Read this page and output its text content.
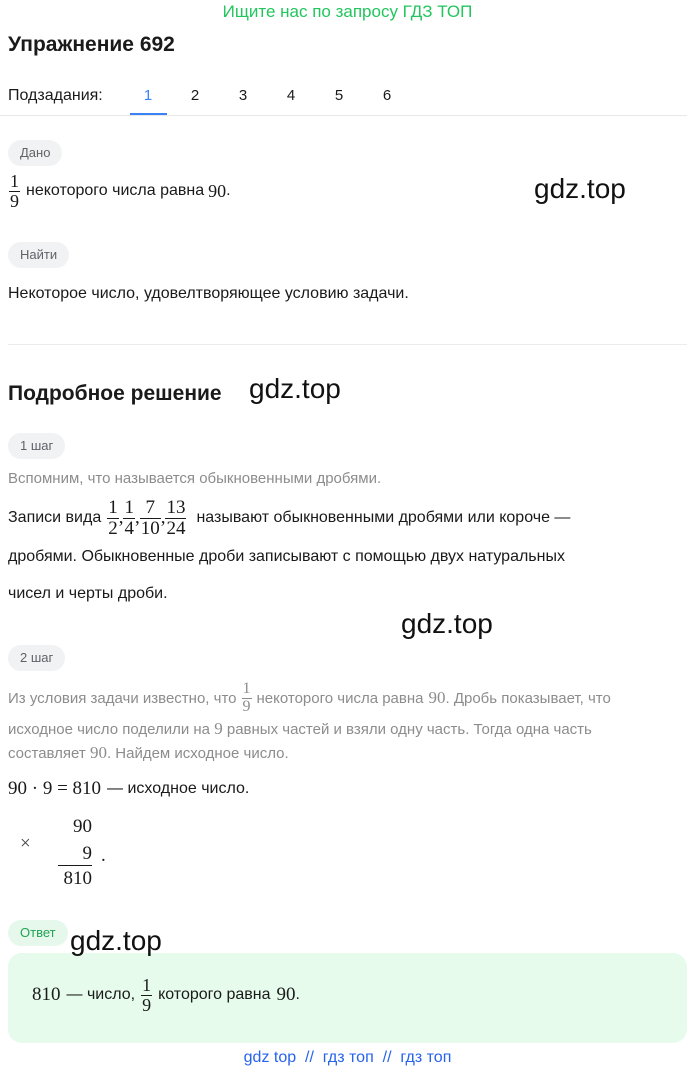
Ищите нас по запросу ГДЗ ТОП
Упражнение 692
Подзадания:	1	2	3	4	5	6
Дано
$\frac{1}{9}$ некоторого числа равна 90 .	gdz.top
Найти
Некоторое число, удовелтворяющее условию задачи.
Подробное решение gdz.top
1 шаг
Вспомним, что называется обыкновенными дробями.
Записи вида $\frac{1}{2}$ , $\frac{1}{4}$ , $\frac{7}{10}$ , $\frac{13}{24}$ называют обыкновенными дробями или короче —
дробями. Обыкновенные дроби записывают с помощью двух натуральных
чисел и черты дроби.
gdz.top
2 шаг
Из условия задачи известно, что $\frac{1}{9}$ некоторого числа равна 90 . Дробь показывает, что
исходное число поделили на 9 равных частей и взяли одну часть. Тогда одна часть
составляет 90. Найдем исходное число.
90 · 9 = 810 — исходное число.
×
90
9
810
.
Ответ gdz.top
810 — число, $\frac{1}{9}$ которого равна 90 .
gdz top  //  гдз топ  //  гдз топ
